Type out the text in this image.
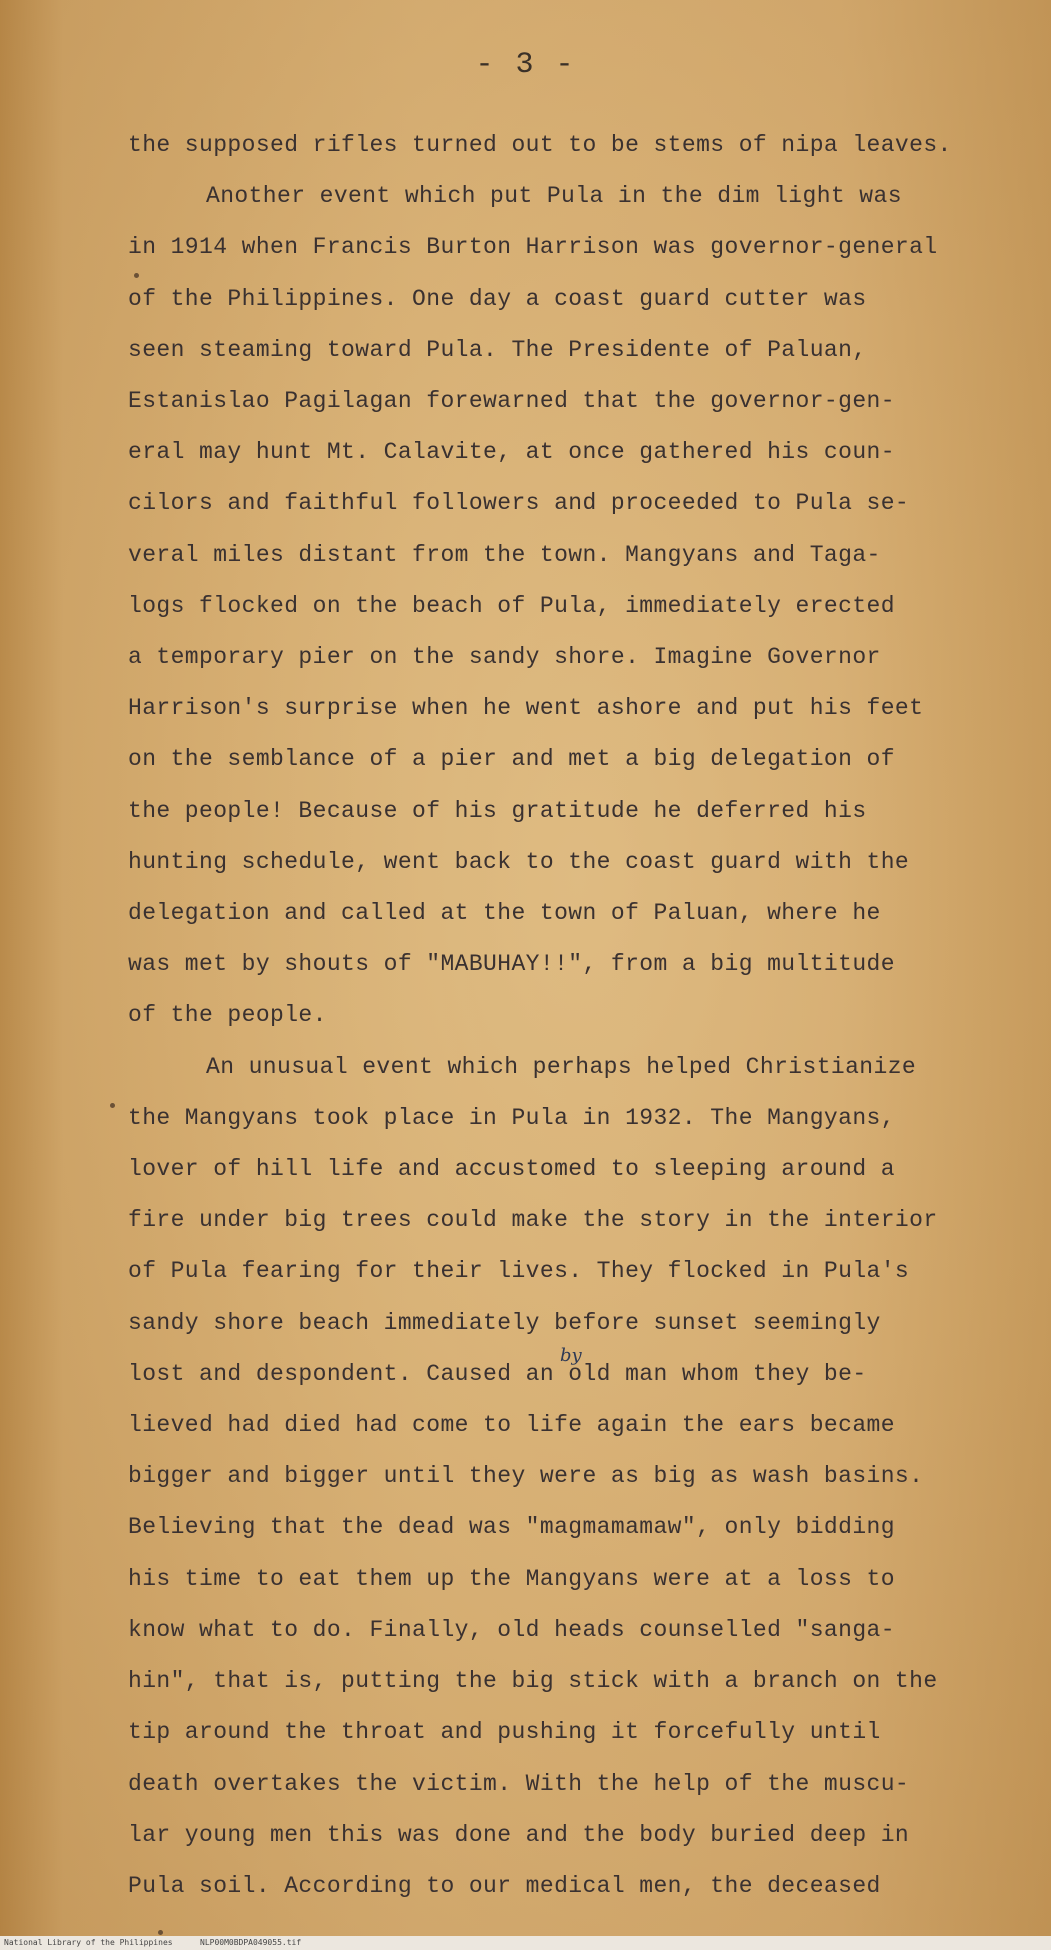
- 3 -
the supposed rifles turned out to be stems of nipa leaves.
Another event which put Pula in the dim light was
in 1914 when Francis Burton Harrison was governor-general
of the Philippines. One day a coast guard cutter was
seen steaming toward Pula. The Presidente of Paluan,
Estanislao Pagilagan forewarned that the governor-gen-
eral may hunt Mt. Calavite, at once gathered his coun-
cilors and faithful followers and proceeded to Pula se-
veral miles distant from the town. Mangyans and Taga-
logs flocked on the beach of Pula, immediately erected
a temporary pier on the sandy shore. Imagine Governor
Harrison's surprise when he went ashore and put his feet
on the semblance of a pier and met a big delegation of
the people! Because of his gratitude he deferred his
hunting schedule, went back to the coast guard with the
delegation and called at the town of Paluan, where he
was met by shouts of "MABUHAY!!", from a big multitude
of the people.
An unusual event which perhaps helped Christianize
the Mangyans took place in Pula in 1932. The Mangyans,
lover of hill life and accustomed to sleeping around a
fire under big trees could make the story in the interior
of Pula fearing for their lives. They flocked in Pula's
sandy shore beach immediately before sunset seemingly
lost and despondent. Caused an old man whom they be-
lieved had died had come to life again the ears became
bigger and bigger until they were as big as wash basins.
Believing that the dead was "magmamamaw", only bidding
his time to eat them up the Mangyans were at a loss to
know what to do. Finally, old heads counselled "sanga-
hin", that is, putting the big stick with a branch on the
tip around the throat and pushing it forcefully until
death overtakes the victim. With the help of the muscu-
lar young men this was done and the body buried deep in
Pula soil. According to our medical men, the deceased
by
National Library of the Philippines	NLP00M0BDPA049055.tif
